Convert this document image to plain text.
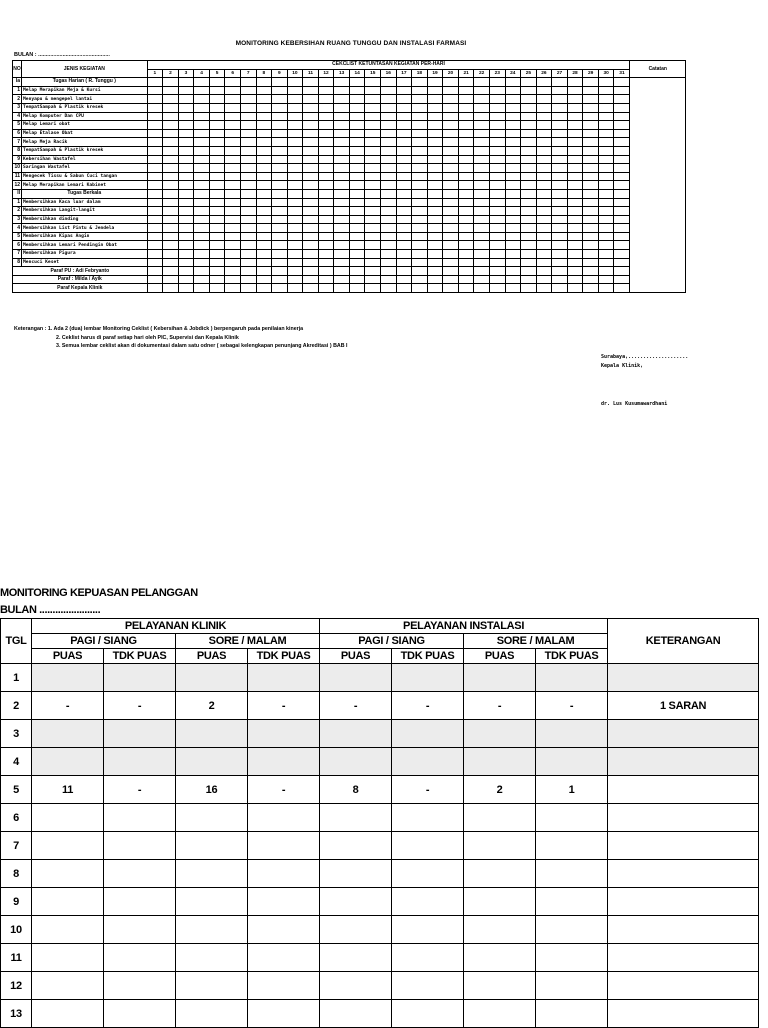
MONITORING KEBERSIHAN RUANG TUNGGU DAN INSTALASI FARMASI
BULAN : ...............................................
NO	JENIS KEGIATAN	CEKCLIST KETUNTASAN KEGIATAN PER-HARI																															Catatan
		1	2	3	4	5	6	7	8	9	10	11	12	13	14	15	16	17	18	19	20	21	22	23	24	25	26	27	28	29	30	31	
Ia	Tugas Harian ( R. Tunggu )																																
1	Melap Merapikan Meja & Kursi																																
2	Menyapu & mengepel lantai																																
3	TempatSampah & Plastik kresek																																
4	Melap Komputer Dan CPU																																
5	Melap Lemari obat																																
6	Melap Etalase Obat																																
7	Melap Meja Racik																																
8	TempatSampah & Plastik kresek																																
9	Kebersihan Wastafel																																
10	Saringan Wastafel																																
11	Mengecek Tissu & Sabun Cuci tangan																																
12	Melap Merapikan Lemari Kabinet																																
II	Tugas Berkala																																
1	Membersihkan Kaca luar dalam																																
2	Membersihkan Langit-langit																																
3	Membersihkan dinding																																
4	Membersihkan List Pintu & Jendela																																
5	Membersihkan Kipas Angin																																
6	Membersihkan Lemari Pendingin Obat																																
7	Membersihkan Pigura																																
8	Mencuci Keset																																
Paraf PU : Adi Febryanto																																	
Paraf : Milda / Ayik																																	
Paraf Kepala Klinik																																	
Keterangan : 1. Ada 2 (dua) lembar Monitoring Ceklist ( Kebersihan & Jobdick ) berpengaruh pada penilaian kinerja
2. Ceklist harus di paraf setiap hari oleh PIC, Supervisi dan Kepala Klinik
3. Semua lembar ceklist akan di dokumentasi dalam satu odner ( sebagai kelengkapan penunjang Akreditasi ) BAB I
Surabaya,....................
Kepala Klinik,
dr. Lus Kusumawardhani
MONITORING KEPUASAN PELANGGAN
BULAN .......................
TGL	PELAYANAN KLINIK				PELAYANAN INSTALASI				KETERANGAN
	PAGI / SIANG		SORE / MALAM		PAGI / SIANG		SORE / MALAM		
	PUAS	TDK PUAS	PUAS	TDK PUAS	PUAS	TDK PUAS	PUAS	TDK PUAS	
1									
2	-	-	2	-	-	-	-	-	1 SARAN
3									
4									
5	11	-	16	-	8	-	2	1	
6									
7									
8									
9									
10									
11									
12									
13									
